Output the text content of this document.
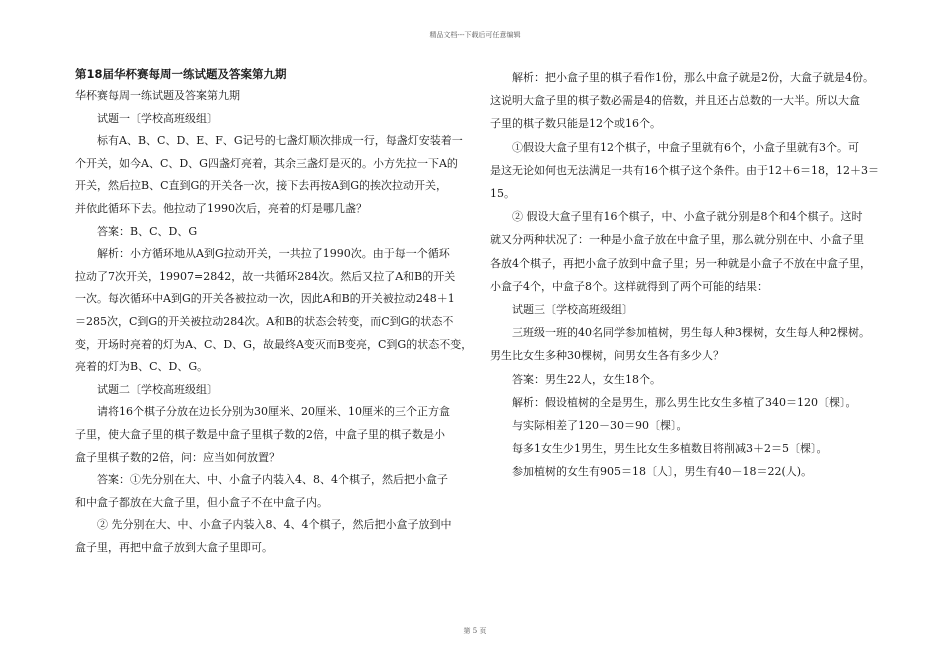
精品文档---下载后可任意编辑
第18届华杯赛每周一练试题及答案第九期
华杯赛每周一练试题及答案第九期
试题一〔学校高班级组〕
标有A、B、C、D、E、F、G记号的七盏灯顺次排成一行，每盏灯安装着一
个开关，如今A、C、D、G四盏灯亮着，其余三盏灯是灭的。小方先拉一下A的
开关，然后拉B、C直到G的开关各一次，接下去再按A到G的挨次拉动开关，
并依此循环下去。他拉动了1990次后，亮着的灯是哪几盏？
答案：B、C、D、G
解析：小方循环地从A到G拉动开关，一共拉了1990次。由于每一个循环
拉动了7次开关，19907=2842，故一共循环284次。然后又拉了A和B的开关
一次。每次循环中A到G的开关各被拉动一次，因此A和B的开关被拉动248＋1
＝285次，C到G的开关被拉动284次。A和B的状态会转变，而C到G的状态不
变，开场时亮着的灯为A、C、D、G，故最终A变灭而B变亮，C到G的状态不变，
亮着的灯为B、C、D、G。
试题二〔学校高班级组〕
请将16个棋子分放在边长分别为30厘米、20厘米、10厘米的三个正方盒
子里，使大盒子里的棋子数是中盒子里棋子数的2倍，中盒子里的棋子数是小
盒子里棋子数的2倍，问：应当如何放置？
答案：①先分别在大、中、小盒子内装入4、8、4个棋子，然后把小盒子
和中盒子都放在大盒子里，但小盒子不在中盒子内。
② 先分别在大、中、小盒子内装入8、4、4个棋子，然后把小盒子放到中
盒子里，再把中盒子放到大盒子里即可。
解析：把小盒子里的棋子看作1份，那么中盒子就是2份，大盒子就是4份。
这说明大盒子里的棋子数必需是4的倍数，并且还占总数的一大半。所以大盒
子里的棋子数只能是12个或16个。
①假设大盒子里有12个棋子，中盒子里就有6个，小盒子里就有3个。可
是这无论如何也无法满足一共有16个棋子这个条件。由于12＋6＝18，12＋3＝
15。
② 假设大盒子里有16个棋子，中、小盒子就分别是8个和4个棋子。这时
就又分两种状况了：一种是小盒子放在中盒子里，那么就分别在中、小盒子里
各放4个棋子，再把小盒子放到中盒子里；另一种就是小盒子不放在中盒子里，
小盒子4个，中盒子8个。这样就得到了两个可能的结果：
试题三〔学校高班级组〕
三班级一班的40名同学参加植树，男生每人种3棵树，女生每人种2棵树。
男生比女生多种30棵树，问男女生各有多少人？
答案：男生22人，女生18个。
解析：假设植树的全是男生，那么男生比女生多植了340＝120〔棵〕。
与实际相差了120－30＝90〔棵〕。
每多1女生少1男生，男生比女生多植数目将削减3＋2＝5〔棵〕。
参加植树的女生有905＝18〔人〕，男生有40－18＝22(人)。
第 5 页
